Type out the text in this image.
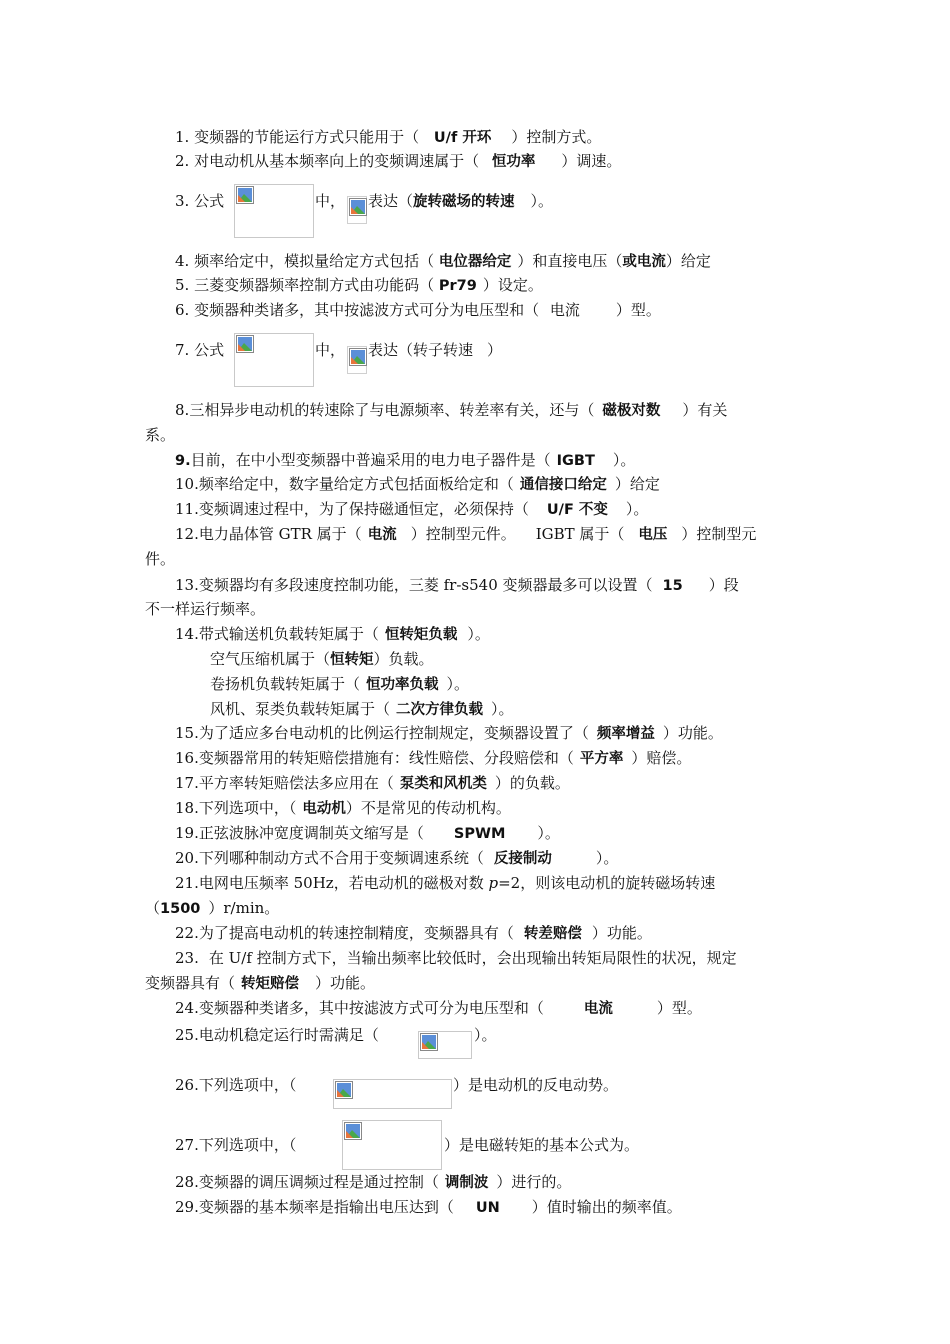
1. 变频器的节能运行方式只能用于（ U/f 开环 ）控制方式。
2. 对电动机从基本频率向上的变频调速属于（ 恒功率 ）调速。
3. 公式	中， 表达（旋转磁场的转速 ）。
4. 频率给定中，模拟量给定方式包括（ 电位器给定 ）和直接电压（或电流）给定
5. 三菱变频器频率控制方式由功能码（ Pr79 ）设定。
6. 变频器种类诸多，其中按滤波方式可分为电压型和（ 电流 ）型。
7. 公式	中， 表达（转子转速 ）
8.三相异步电动机的转速除了与电源频率、转差率有关，还与（ 磁极对数 ）有关
系。
9.目前，在中小型变频器中普遍采用的电力电子器件是（ IGBT ）。
10.频率给定中，数字量给定方式包括面板给定和（ 通信接口给定 ）给定
11.变频调速过程中，为了保持磁通恒定，必须保持（ U/F 不变 ）。
12.电力晶体管 GTR 属于（ 电流 ）控制型元件。 IGBT 属于（ 电压 ）控制型元
件。
13.变频器均有多段速度控制功能，三菱 fr-s540 变频器最多可以设置（ 15 ）段
不一样运行频率。
14.带式输送机负载转矩属于（ 恒转矩负载 ）。
空气压缩机属于（恒转矩）负载。
卷扬机负载转矩属于（ 恒功率负载 ）。
风机、泵类负载转矩属于（ 二次方律负载 ）。
15.为了适应多台电动机的比例运行控制规定，变频器设置了（ 频率增益 ）功能。
16.变频器常用的转矩赔偿措施有：线性赔偿、分段赔偿和（ 平方率 ）赔偿。
17.平方率转矩赔偿法多应用在（ 泵类和风机类 ）的负载。
18.下列选项中，（ 电动机）不是常见的传动机构。
19.正弦波脉冲宽度调制英文缩写是（ SPWM ）。
20.下列哪种制动方式不合用于变频调速系统（ 反接制动	）。
21.电网电压频率 50Hz，若电动机的磁极对数 p=2，则该电动机的旋转磁场转速
（1500 ）r/min。
22.为了提高电动机的转速控制精度，变频器具有（ 转差赔偿 ）功能。
23. 在 U/f 控制方式下，当输出频率比较低时，会出现输出转矩局限性的状况，规定
变频器具有（ 转矩赔偿 ）功能。
24.变频器种类诸多，其中按滤波方式可分为电压型和（	电流	）型。
25.电动机稳定运行时需满足（	）。
26.下列选项中，（	）是电动机的反电动势。
27.下列选项中，（	）是电磁转矩的基本公式为。
28.变频器的调压调频过程是通过控制（ 调制波 ）进行的。
29.变频器的基本频率是指输出电压达到（ UN ）值时输出的频率值。
